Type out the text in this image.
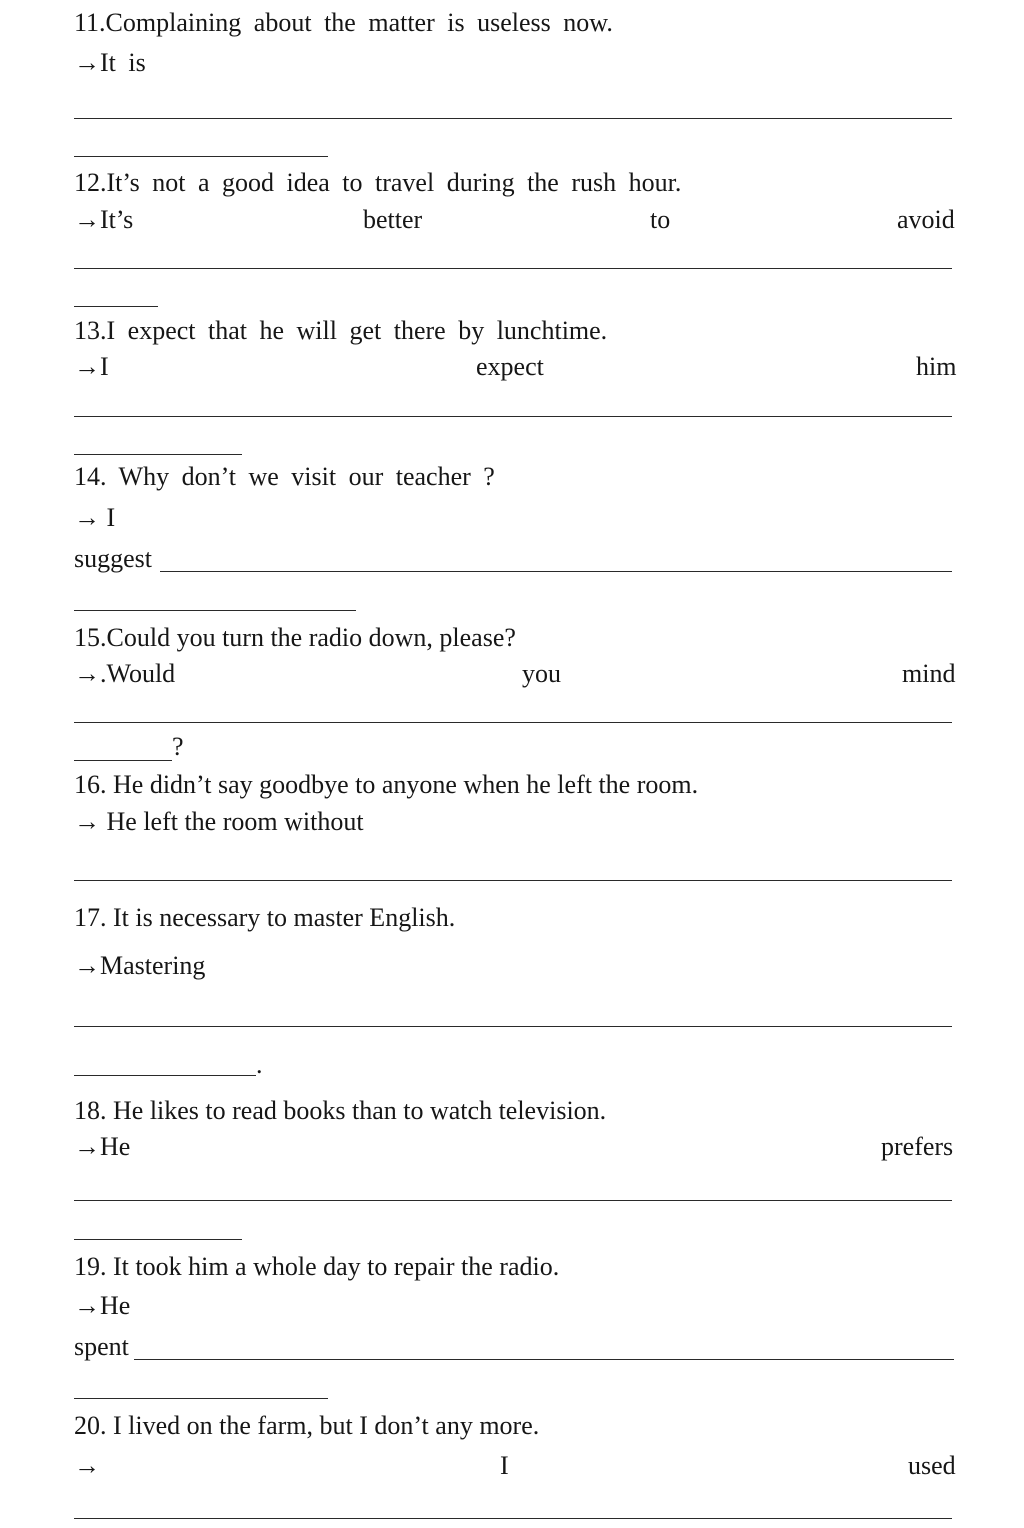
11.Complaining about the matter is useless now.
→It is
12.It’s not a good idea to travel during the rush hour.
→It’s	better	to	avoid
13.I expect that he will get there by lunchtime.
→I	expect	him
14. Why don’t we visit our teacher ?
→ I
suggest
15.Could you turn the radio down, please?
→.Would	you	mind
?
16. He didn’t say goodbye to anyone when he left the room.
→ He left the room without
17. It is necessary to master English.
→Mastering
.
18. He likes to read books than to watch television.
→He	prefers
19. It took him a whole day to repair the radio.
→He
spent
20. I lived on the farm, but I don’t any more.
→	I	used
